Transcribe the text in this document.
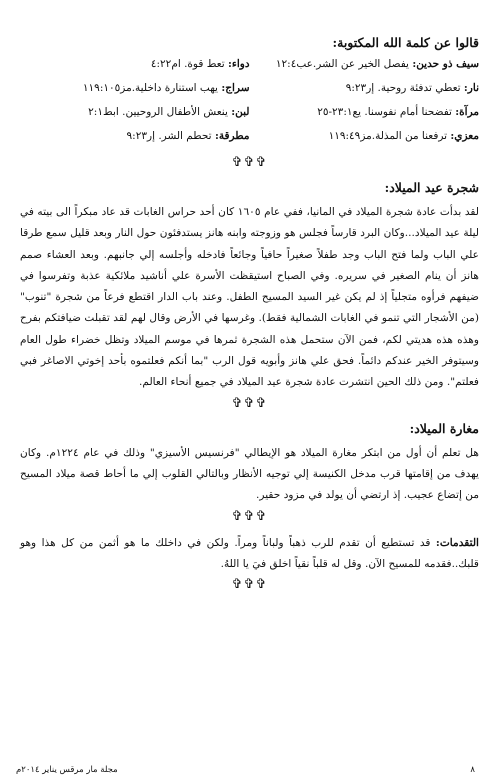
قالوا عن كلمة الله المكتوبة:
سيف ذو حدين: يفصل الخير عن الشر.عب١٢:٤
دواء: تعط قوة. ام٤:٢٢
نار: تعطي تدفئة روحية. إر٩:٢٣
سراج: يهب استنارة داخلية.مز١١٩:١٠٥
مرآة: تفضحنا أمام نفوسنا. يع٢٣:١-٢٥
لبن: ينعش الأطفال الروحيين. ابط٢:١
معزي: ترفعنا من المذلة.مز١١٩:٤٩
مطرقة: تحطم الشر. إر٩:٢٣
✞✞✞
شجرة عيد الميلاد:

لقد بدأت عادة شجرة الميلاد في المانيا، ففي عام ١٦٠٥ كان أحد حراس الغابات قد عاد مبكراً الى بيته في ليلة عيد الميلاد...وكان البرد قارساً فجلس هو وزوجته وابنه هانز يستدفئون حول النار وبعد قليل سمع طرقا علي الباب ولما فتح الباب وجد طفلاً صغيراً حافياً وجائعاً فادخله وأجلسه إلي جانبهم. وبعد العشاء صمم هانز أن ينام الصغير في سريره. وفي الصباح استيقظت الأسرة علي أناشيد ملائكية عذبة وتفرسوا في ضيفهم فرأوه متجلياً إذ لم يكن غير السيد المسيح الطفل. وعند باب الدار اقتطع فرعاً من شجرة "تنوب"(من الأشجار التي تنمو في الغابات الشمالية فقط). وغرسها في الأرض وقال لهم لقد تقبلت ضيافتكم بفرح وهذه هذه هديتي لكم، فمن الآن ستحمل هذه الشجرة ثمرها في موسم الميلاد وتظل خضراء طول العام وسيتوفر الخير عندكم دائماً. فحق علي هانز وأبويه قول الرب "بما أنكم فعلتموه بأحد إخوتي الاصاغر فبي فعلتم". ومن ذلك الحين انتشرت عادة شجرة عيد الميلاد في جميع أنحاء العالم.

✞✞✞
مغارة الميلاد:

هل تعلم أن أول من ابتكر مغارة الميلاد هو الإيطالي "فرنسيس الأسيزي" وذلك في عام ١٢٢٤م. وكان يهدف من إقامتها قرب مدخل الكنيسة إلي توجيه الأنظار وبالتالي القلوب إلي ما أحاط قصة ميلاد المسيح من إتضاع عجيب. إذ ارتضي أن يولد في مزود حقير.

✞✞✞

التقدمات: قد تستطيع أن تقدم للرب ذهباً ولباناً ومراً. ولكن في داخلك ما هو أثمن من كل هذا وهو قلبك..فقدمه للمسيح الآن. وقل له قلباً نقياً اخلق فيَ يا اللهُ.

✞✞✞
٨
مجلة مار مرقس يناير ٢٠١٤م
